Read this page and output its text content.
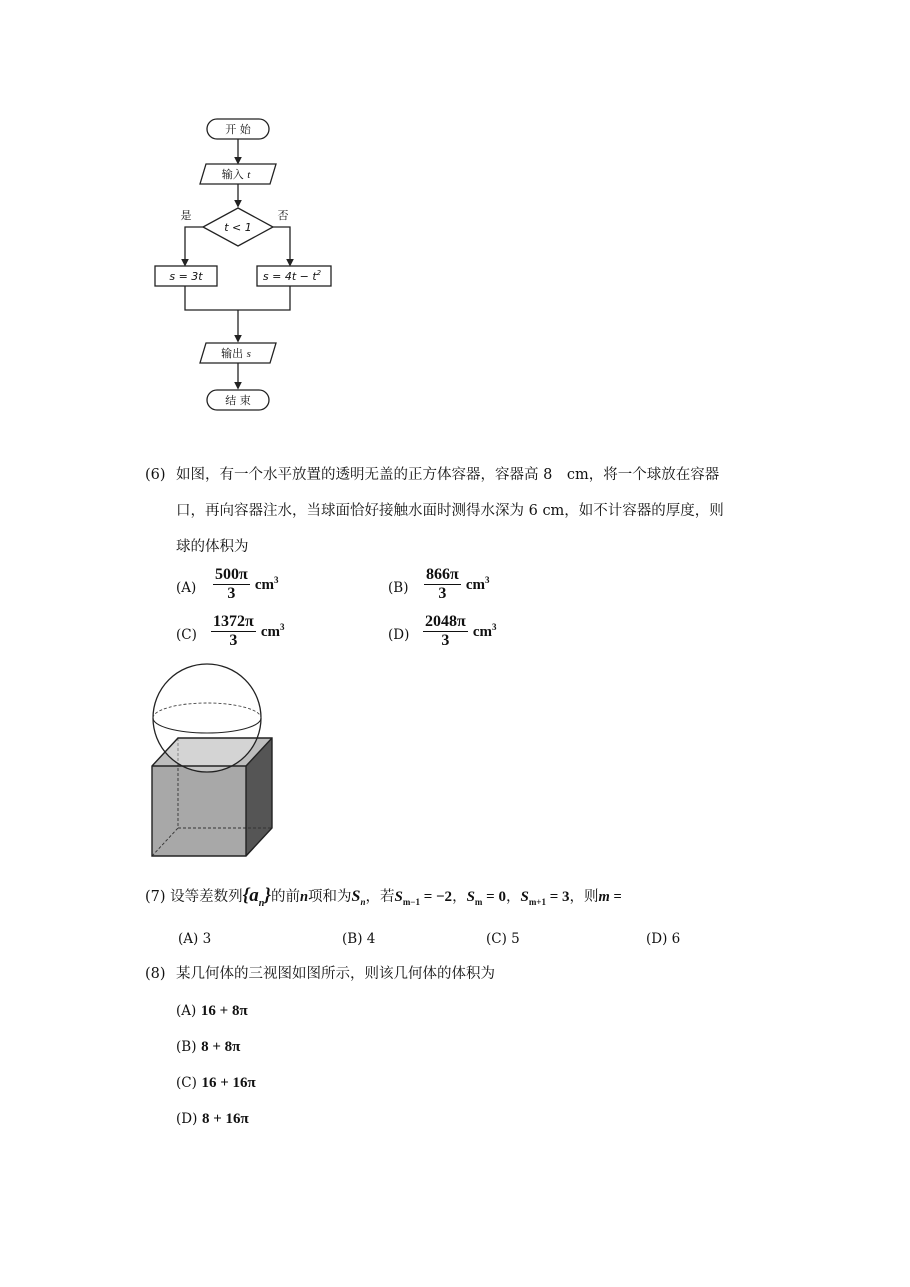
开 始
输入 t
t < 1
是	否
s = 3t	$s = 4t - t^2$
输出 s
结 束
(6) 如图，有一个水平放置的透明无盖的正方体容器，容器高 8　cm，将一个球放在容器
口，再向容器注水，当球面恰好接触水面时测得水深为 6 cm，如不计容器的厚度，则
球的体积为
$(A) \frac{500\pi}{3} cm^3$	$(B) \frac{866\pi}{3} cm^3$
$(C) \frac{1372\pi}{3} cm^3$	$(D) \frac{2048\pi}{3} cm^3$
(7) 设等差数列$\{a_n\}$的前n项和为$S_n$，若$S_{m-1} = -2$，$S_m = 0$，$S_{m+1} = 3$，则m =
(A) 3	(B) 4	(C) 5	(D) 6
(8) 某几何体的三视图如图所示，则该几何体的体积为
(A) 16 + 8π
(B) 8 + 8π
(C) 16 + 16π
(D) 8 + 16π
